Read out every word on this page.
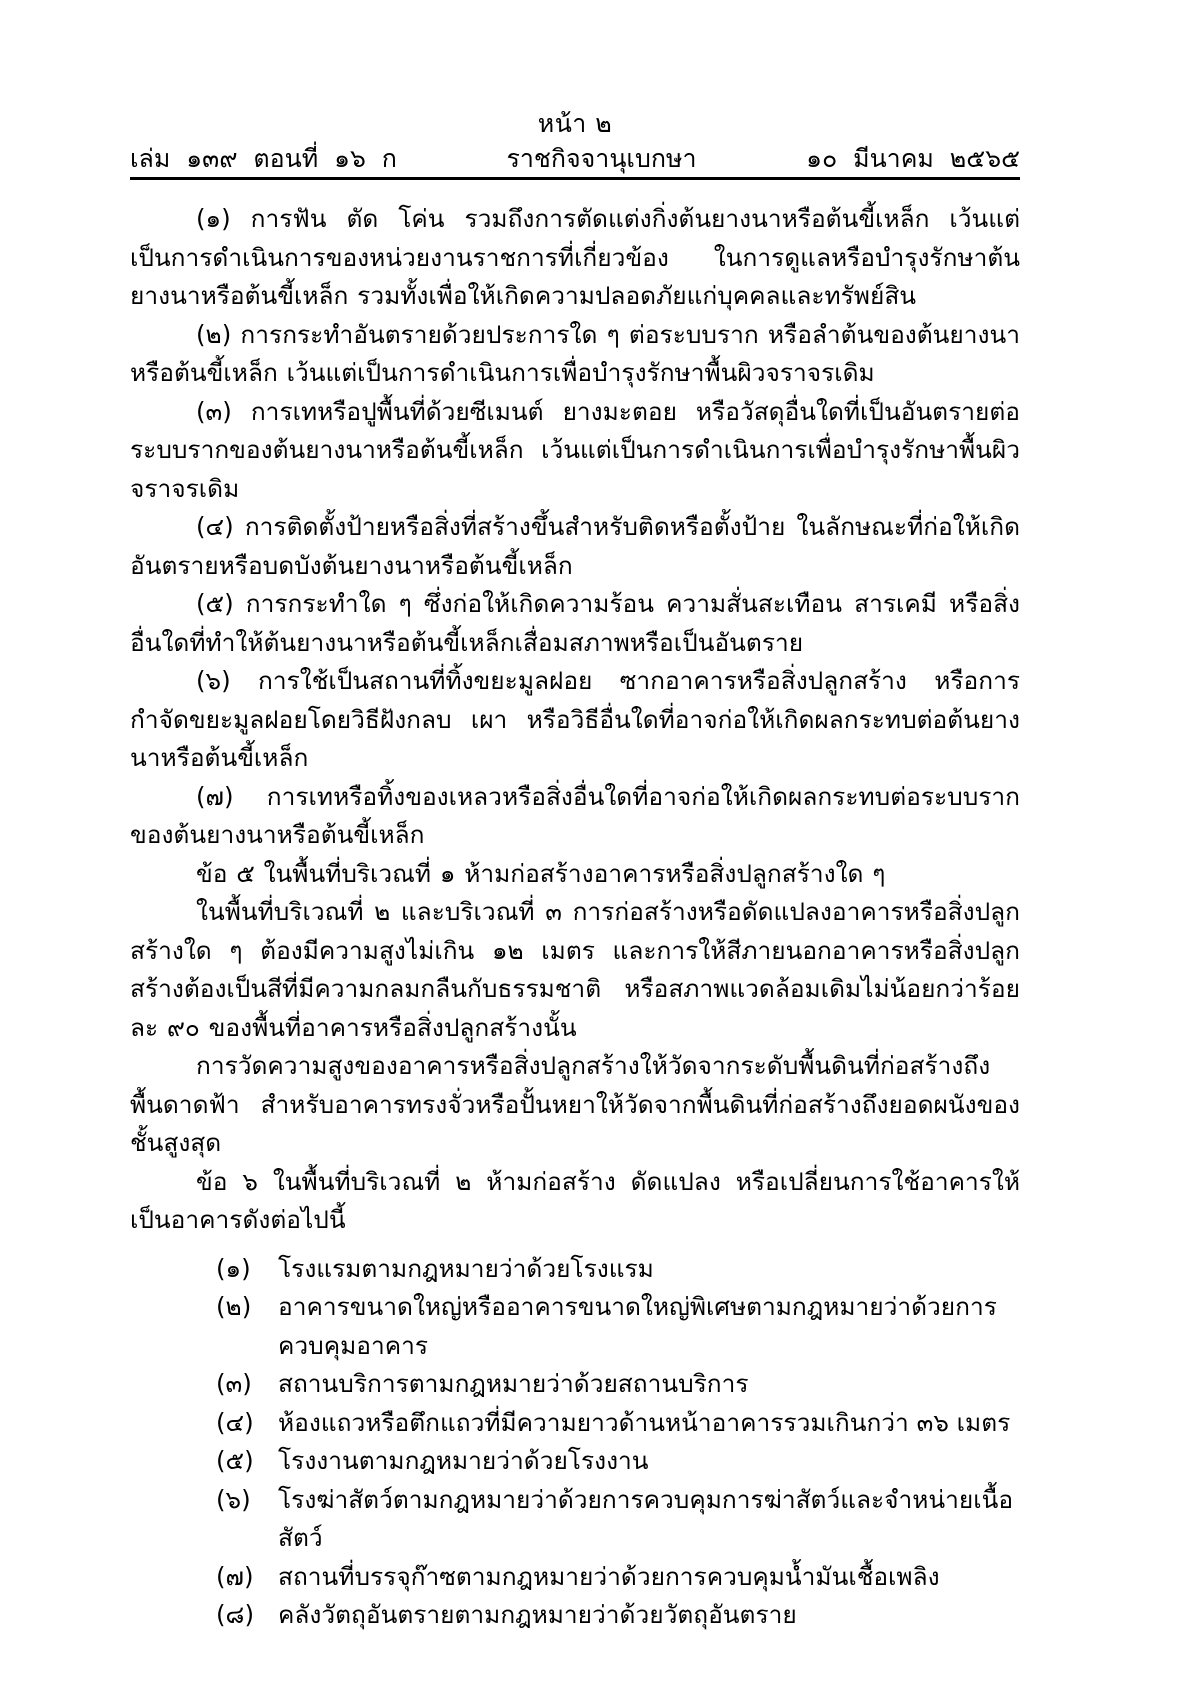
หน้า ๒
เล่ม  ๑๓๙  ตอนที่  ๑๖  ก	ราชกิจจานุเบกษา	๑๐  มีนาคม  ๒๕๖๕

(๑) การฟัน ตัด โค่น รวมถึงการตัดแต่งกิ่งต้นยางนาหรือต้นขี้เหล็ก เว้นแต่เป็นการดำเนินการของหน่วยงานราชการที่เกี่ยวข้อง ในการดูแลหรือบำรุงรักษาต้นยางนาหรือต้นขี้เหล็ก รวมทั้งเพื่อให้เกิดความปลอดภัยแก่บุคคลและทรัพย์สิน

(๒) การกระทำอันตรายด้วยประการใด ๆ ต่อระบบราก หรือลำต้นของต้นยางนาหรือต้นขี้เหล็ก เว้นแต่เป็นการดำเนินการเพื่อบำรุงรักษาพื้นผิวจราจรเดิม

(๓) การเทหรือปูพื้นที่ด้วยซีเมนต์ ยางมะตอย หรือวัสดุอื่นใดที่เป็นอันตรายต่อระบบรากของต้นยางนาหรือต้นขี้เหล็ก เว้นแต่เป็นการดำเนินการเพื่อบำรุงรักษาพื้นผิวจราจรเดิม

(๔) การติดตั้งป้ายหรือสิ่งที่สร้างขึ้นสำหรับติดหรือตั้งป้าย ในลักษณะที่ก่อให้เกิดอันตรายหรือบดบังต้นยางนาหรือต้นขี้เหล็ก

(๕) การกระทำใด ๆ ซึ่งก่อให้เกิดความร้อน ความสั่นสะเทือน สารเคมี หรือสิ่งอื่นใดที่ทำให้ต้นยางนาหรือต้นขี้เหล็กเสื่อมสภาพหรือเป็นอันตราย

(๖) การใช้เป็นสถานที่ทิ้งขยะมูลฝอย ซากอาคารหรือสิ่งปลูกสร้าง หรือการกำจัดขยะมูลฝอยโดยวิธีฝังกลบ เผา หรือวิธีอื่นใดที่อาจก่อให้เกิดผลกระทบต่อต้นยางนาหรือต้นขี้เหล็ก

(๗) การเทหรือทิ้งของเหลวหรือสิ่งอื่นใดที่อาจก่อให้เกิดผลกระทบต่อระบบรากของต้นยางนาหรือต้นขี้เหล็ก

ข้อ ๕ ในพื้นที่บริเวณที่ ๑ ห้ามก่อสร้างอาคารหรือสิ่งปลูกสร้างใด ๆ

ในพื้นที่บริเวณที่ ๒ และบริเวณที่ ๓ การก่อสร้างหรือดัดแปลงอาคารหรือสิ่งปลูกสร้างใด ๆ ต้องมีความสูงไม่เกิน ๑๒ เมตร และการให้สีภายนอกอาคารหรือสิ่งปลูกสร้างต้องเป็นสีที่มีความกลมกลืนกับธรรมชาติ หรือสภาพแวดล้อมเดิมไม่น้อยกว่าร้อยละ ๙๐ ของพื้นที่อาคารหรือสิ่งปลูกสร้างนั้น

การวัดความสูงของอาคารหรือสิ่งปลูกสร้างให้วัดจากระดับพื้นดินที่ก่อสร้างถึงพื้นดาดฟ้า สำหรับอาคารทรงจั่วหรือปั้นหยาให้วัดจากพื้นดินที่ก่อสร้างถึงยอดผนังของชั้นสูงสุด

ข้อ ๖ ในพื้นที่บริเวณที่ ๒ ห้ามก่อสร้าง ดัดแปลง หรือเปลี่ยนการใช้อาคารให้เป็นอาคารดังต่อไปนี้

(๑)	โรงแรมตามกฎหมายว่าด้วยโรงแรม
(๒)	อาคารขนาดใหญ่หรืออาคารขนาดใหญ่พิเศษตามกฎหมายว่าด้วยการควบคุมอาคาร
(๓)	สถานบริการตามกฎหมายว่าด้วยสถานบริการ
(๔) ห้องแถวหรือตึกแถวที่มีความยาวด้านหน้าอาคารรวมเกินกว่า ๓๖ เมตร
(๕) โรงงานตามกฎหมายว่าด้วยโรงงาน
(๖)	โรงฆ่าสัตว์ตามกฎหมายว่าด้วยการควบคุมการฆ่าสัตว์และจำหน่ายเนื้อสัตว์
(๗) สถานที่บรรจุก๊าซตามกฎหมายว่าด้วยการควบคุมน้ำมันเชื้อเพลิง
(๘) คลังวัตถุอันตรายตามกฎหมายว่าด้วยวัตถุอันตราย
